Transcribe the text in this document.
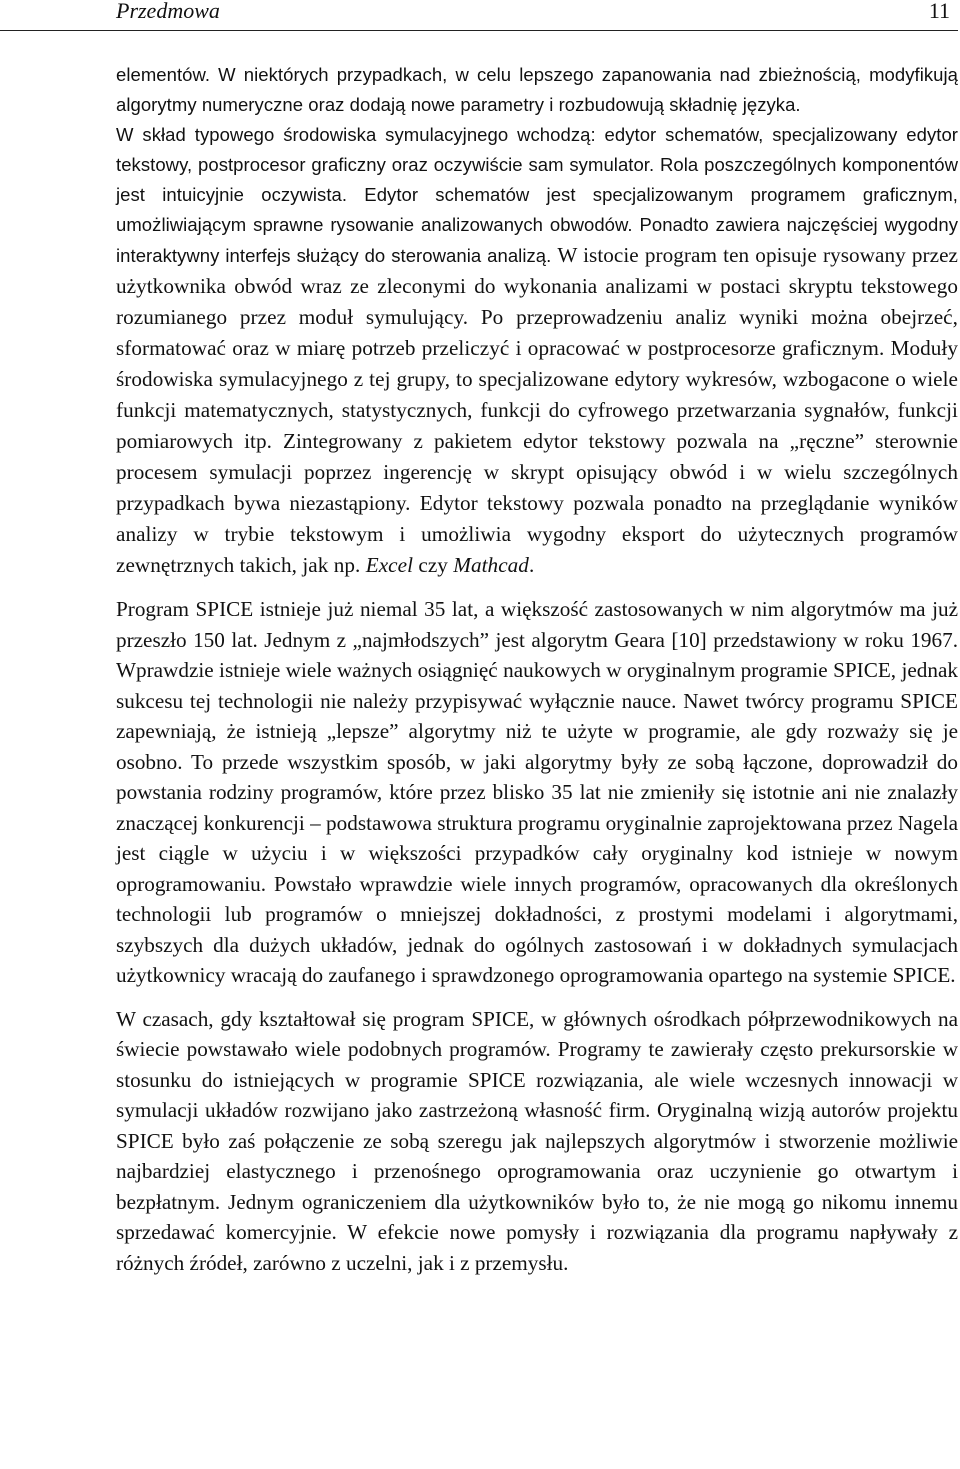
Przedmowa	11

elementów. W niektórych przypadkach, w celu lepszego zapanowania nad zbieżnością, modyfikują algorytmy numeryczne oraz dodają nowe parametry i rozbudowują składnię języka.

W skład typowego środowiska symulacyjnego wchodzą: edytor schematów, specjalizowany edytor tekstowy, postprocesor graficzny oraz oczywiście sam symulator. Rola poszczególnych komponentów jest intuicyjnie oczywista. Edytor schematów jest specjalizowanym programem graficznym, umożliwiającym sprawne rysowanie analizowanych obwodów. Ponadto zawiera najczęściej wygodny interaktywny interfejs służący do sterowania analizą. W istocie program ten opisuje rysowany przez użytkownika obwód wraz ze zleconymi do wykonania analizami w postaci skryptu tekstowego rozumianego przez moduł symulujący. Po przeprowadzeniu analiz wyniki można obejrzeć, sformatować oraz w miarę potrzeb przeliczyć i opracować w postprocesorze graficznym. Moduły środowiska symulacyjnego z tej grupy, to specjalizowane edytory wykresów, wzbogacone o wiele funkcji matematycznych, statystycznych, funkcji do cyfrowego przetwarzania sygnałów, funkcji pomiarowych itp. Zintegrowany z pakietem edytor tekstowy pozwala na „ręczne” sterownie procesem symulacji poprzez ingerencję w skrypt opisujący obwód i w wielu szczególnych przypadkach bywa niezastąpiony. Edytor tekstowy pozwala ponadto na przeglądanie wyników analizy w trybie tekstowym i umożliwia wygodny eksport do użytecznych programów zewnętrznych takich, jak np. Excel czy Mathcad.

Program SPICE istnieje już niemal 35 lat, a większość zastosowanych w nim algorytmów ma już przeszło 150 lat. Jednym z „najmłodszych” jest algorytm Geara [10] przedstawiony w roku 1967. Wprawdzie istnieje wiele ważnych osiągnięć naukowych w oryginalnym programie SPICE, jednak sukcesu tej technologii nie należy przypisywać wyłącznie nauce. Nawet twórcy programu SPICE zapewniają, że istnieją „lepsze” algorytmy niż te użyte w programie, ale gdy rozważy się je osobno. To przede wszystkim sposób, w jaki algorytmy były ze sobą łączone, doprowadził do powstania rodziny programów, które przez blisko 35 lat nie zmieniły się istotnie ani nie znalazły znaczącej konkurencji – podstawowa struktura programu oryginalnie zaprojektowana przez Nagela jest ciągle w użyciu i w większości przypadków cały oryginalny kod istnieje w nowym oprogramowaniu. Powstało wprawdzie wiele innych programów, opracowanych dla określonych technologii lub programów o mniejszej dokładności, z prostymi modelami i algorytmami, szybszych dla dużych układów, jednak do ogólnych zastosowań i w dokładnych symulacjach użytkownicy wracają do zaufanego i sprawdzonego oprogramowania opartego na systemie SPICE.

W czasach, gdy kształtował się program SPICE, w głównych ośrodkach półprzewodnikowych na świecie powstawało wiele podobnych programów. Programy te zawierały często prekursorskie w stosunku do istniejących w programie SPICE rozwiązania, ale wiele wczesnych innowacji w symulacji układów rozwijano jako zastrzeżoną własność firm. Oryginalną wizją autorów projektu SPICE było zaś połączenie ze sobą szeregu jak najlepszych algorytmów i stworzenie możliwie najbardziej elastycznego i przenośnego oprogramowania oraz uczynienie go otwartym i bezpłatnym. Jednym ograniczeniem dla użytkowników było to, że nie mogą go nikomu innemu sprzedawać komercyjnie. W efekcie nowe pomysły i rozwiązania dla programu napływały z różnych źródeł, zarówno z uczelni, jak i z przemysłu.
